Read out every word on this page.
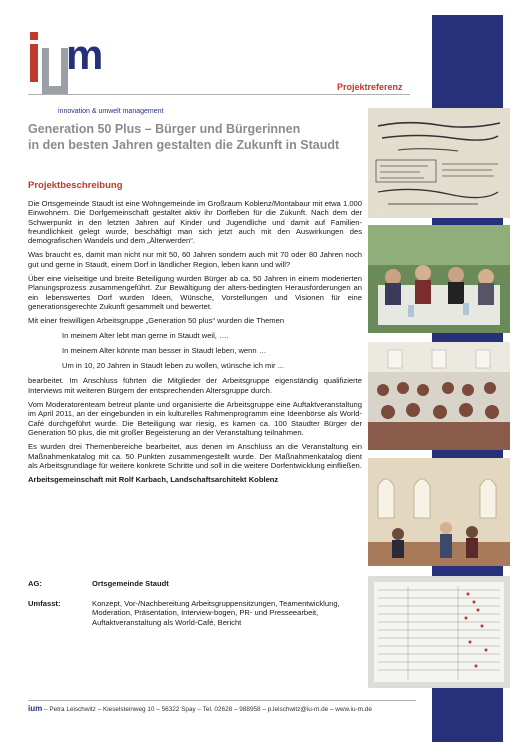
m
innovation & umwelt management
Projektreferenz
Generation 50 Plus – Bürger und Bürgerinnen
in den besten Jahren gestalten die Zukunft in Staudt
Projektbeschreibung

Die Ortsgemeinde Staudt ist eine Wohngemeinde im Großraum Koblenz/Montabaur mit etwa 1.000 Einwohnern. Die Dorfgemeinschaft gestaltet aktiv ihr Dorfleben für die Zukunft. Nach dem der Schwerpunkt in den letzten Jahren auf Kinder und Jugendliche und damit auf Familien-freundlichkeit gelegt wurde, beschäftigt man sich jetzt auch mit den Auswirkungen des demografischen Wandels und dem „Älterwerden“.

Was braucht es, damit man nicht nur mit 50, 60 Jahren sondern auch mit 70 oder 80 Jahren noch gut und gerne in Staudt, einem Dorf in ländlicher Region, leben kann und will?

Über eine vielseitige und breite Beteiligung wurden Bürger ab ca. 50 Jahren in einem moderierten Planungsprozess zusammengeführt. Zur Bewältigung der alters-bedingten Herausforderungen an ein lebenswertes Dorf wurden Ideen, Wünsche, Vorstellungen und Visionen für eine generationsgerechte Zukunft gesammelt und bewertet.

Mit einer freiwilligen Arbeitsgruppe „Generation 50 plus“ wurden die Themen

In meinem Alter lebt man gerne in Staudt weil, ….

In meinem Alter könnte man besser in Staudt leben, wenn …

Um in 10, 20 Jahren in Staudt leben zu wollen, wünsche ich mir ...

bearbeitet. Im Anschluss führten die Mitglieder der Arbeitsgruppe eigenständig qualifizierte Interviews mit weiteren Bürgern der entsprechenden Altersgruppe durch.

Vom Moderatorenteam betreut plante und organisierte die Arbeitsgruppe eine Auftaktveranstaltung im April 2011, an der eingebunden in ein kulturelles Rahmenprogramm eine Ideenbörse als World-Café durchgeführt wurde. Die Beteiligung war riesig, es kamen ca. 100 Staudter Bürger der Generation 50 plus, die mit großer Begeisterung an der Veranstaltung teilnahmen.

Es wurden drei Themenbereiche bearbeitet, aus denen im Anschluss an die Veranstaltung ein Maßnahmenkatalog mit ca. 50 Punkten zusammengestellt wurde. Der Maßnahmenkatalog dient als Arbeitsgrundlage für weitere konkrete Schritte und soll in die weitere Dorfentwicklung einfließen.

Arbeitsgemeinschaft mit Rolf Karbach, Landschaftsarchitekt Koblenz

AG:	Ortsgemeinde Staudt
Umfasst:	Konzept, Vor-/Nachbereitung Arbeitsgruppensitzungen, Teamentwicklung, Moderation, Präsentation, Interview-bogen, PR- und Presseearbeit, Auftaktveranstaltung als World-Café, Bericht
Staudter in den besten Jahren gestalten die Zukunft in Staudt
ium – Petra Leischwitz – Kieselsteinweg 10 – 56322 Spay – Tel. 02628 – 988958 – p.leischwitz@iu-m.de – www.iu-m.de
